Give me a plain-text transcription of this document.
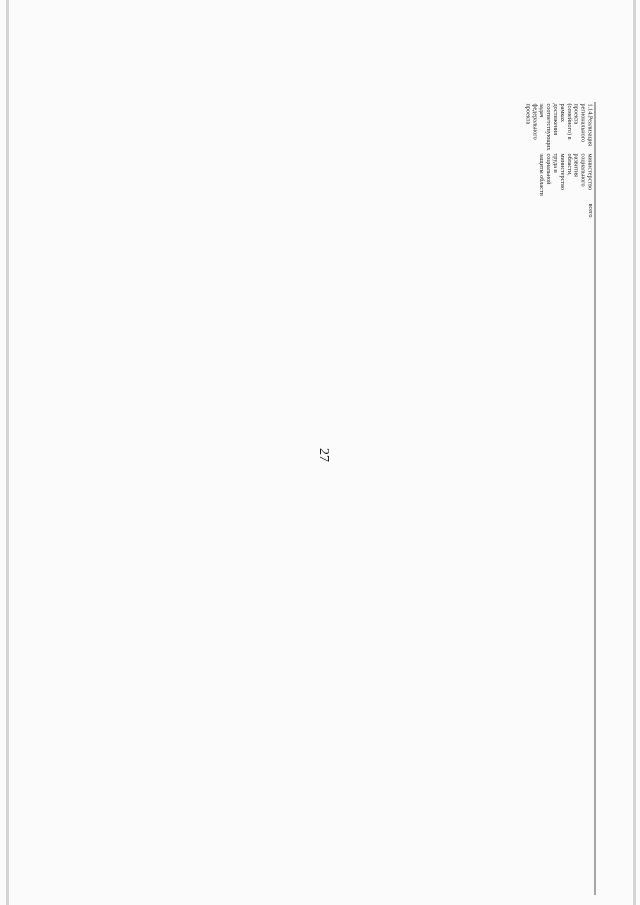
1.14.Реализациярегиональногопроекта(семейного) врамкахдостижениясоответствующихзадачфедеральногопроекта
министерствосоциальногоразвитияобласти,министерствотруда исоциальнойзащиты области
всего
27
